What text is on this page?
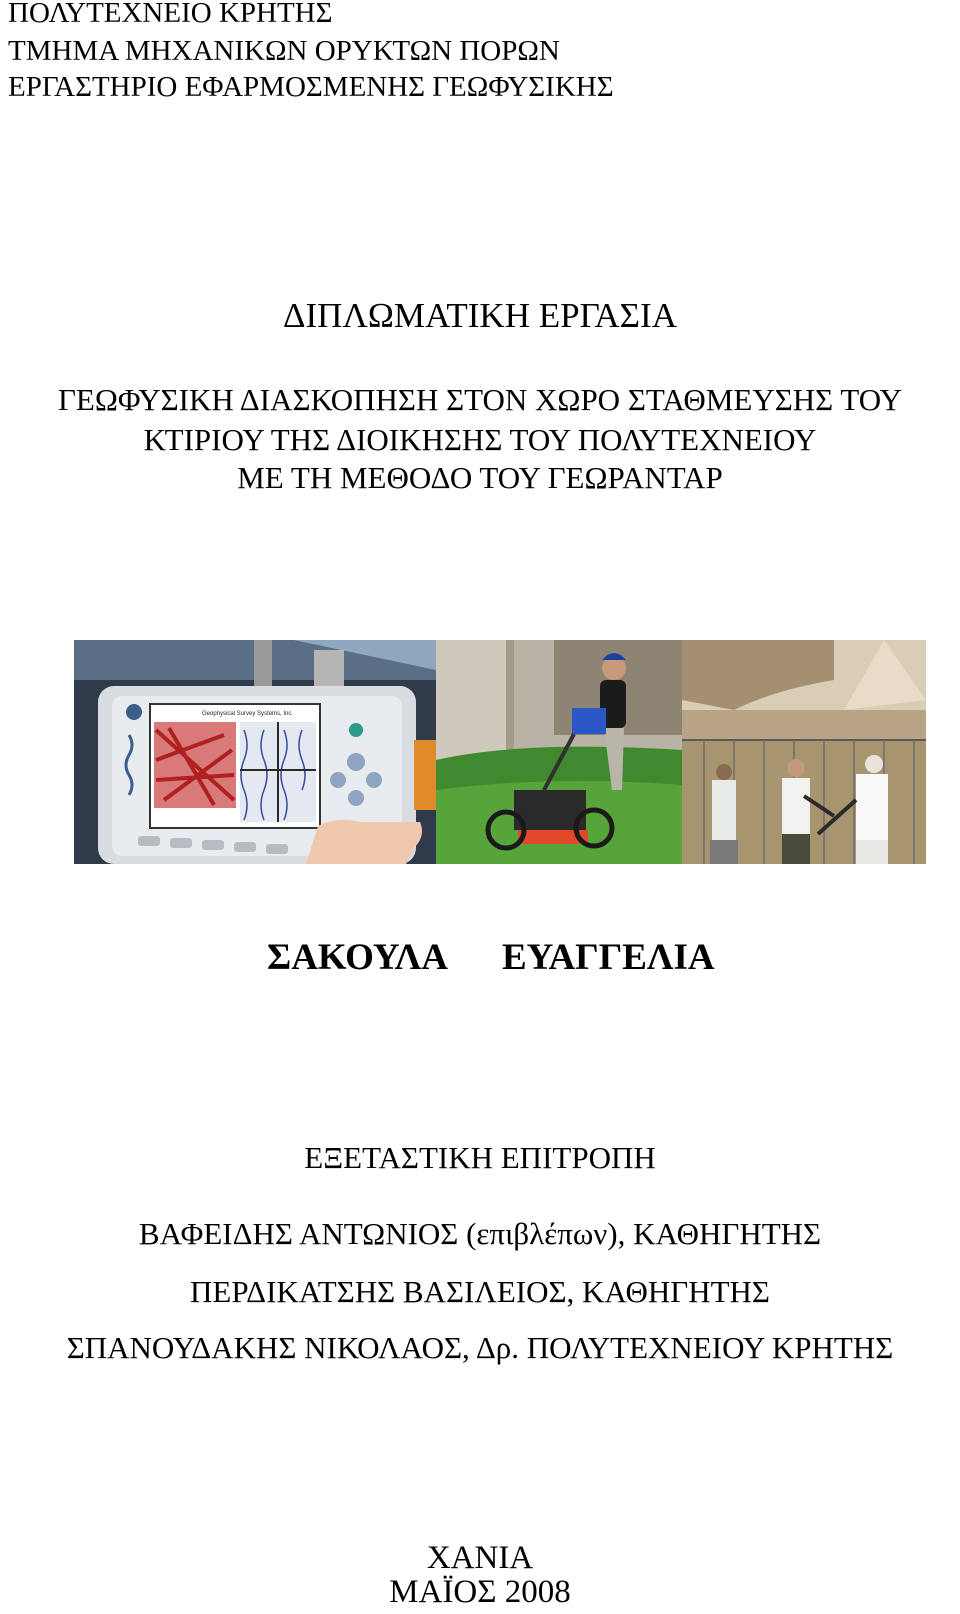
ΠΟΛΥΤΕΧΝΕΙΟ ΚΡΗΤΗΣ
ΤΜΗΜΑ ΜΗΧΑΝΙΚΩΝ ΟΡΥΚΤΩΝ ΠΟΡΩΝ
ΕΡΓΑΣΤΗΡΙΟ ΕΦΑΡΜΟΣΜΕΝΗΣ ΓΕΩΦΥΣΙΚΗΣ
ΔΙΠΛΩΜΑΤΙΚΗ ΕΡΓΑΣΙΑ
ΓΕΩΦΥΣΙΚΗ ΔΙΑΣΚΟΠΗΣΗ ΣΤΟΝ ΧΩΡΟ ΣΤΑΘΜΕΥΣΗΣ ΤΟΥ
ΚΤΙΡΙΟΥ ΤΗΣ ΔΙΟΙΚΗΣΗΣ ΤΟΥ ΠΟΛΥΤΕΧΝΕΙΟΥ
ΜΕ ΤΗ ΜΕΘΟΔΟ ΤΟΥ ΓΕΩΡΑΝΤΑΡ
Geophysical Survey Systems, Inc.
ΣΑΚΟΥΛΑ ΕΥΑΓΓΕΛΙΑ
ΕΞΕΤΑΣΤΙΚΗ ΕΠΙΤΡΟΠΗ
ΒΑΦΕΙΔΗΣ ΑΝΤΩΝΙΟΣ (επιβλέπων), ΚΑΘΗΓΗΤΗΣ
ΠΕΡΔΙΚΑΤΣΗΣ ΒΑΣΙΛΕΙΟΣ, ΚΑΘΗΓΗΤΗΣ
ΣΠΑΝΟΥΔΑΚΗΣ ΝΙΚΟΛΑΟΣ, Δρ. ΠΟΛΥΤΕΧΝΕΙΟΥ ΚΡΗΤΗΣ
ΧΑΝΙΑ
ΜΑΪΟΣ 2008
